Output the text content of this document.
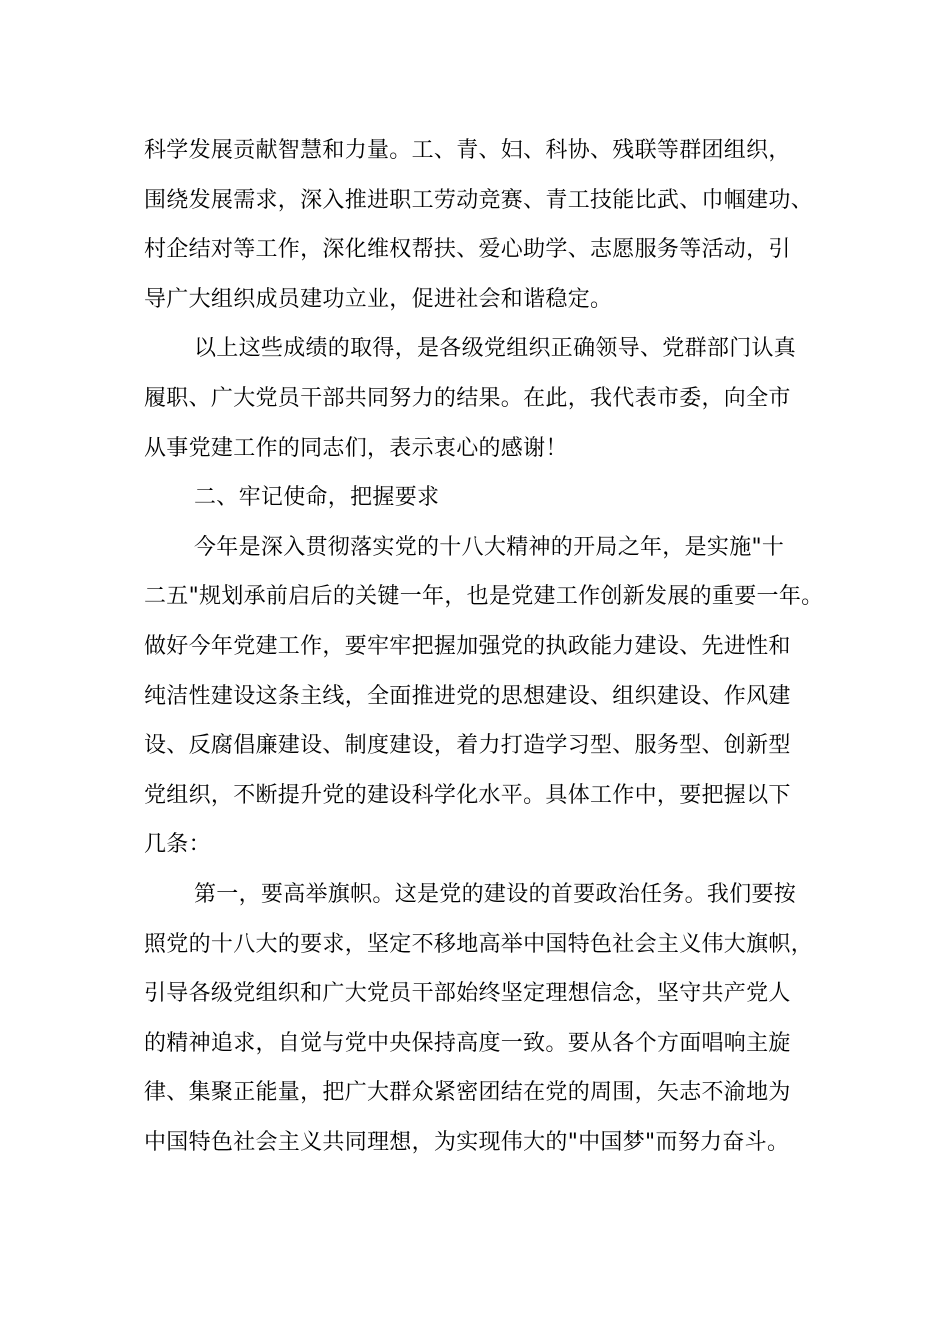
科学发展贡献智慧和力量。工、青、妇、科协、残联等群团组织，
围绕发展需求，深入推进职工劳动竞赛、青工技能比武、巾帼建功、
村企结对等工作，深化维权帮扶、爱心助学、志愿服务等活动，引
导广大组织成员建功立业，促进社会和谐稳定。
以上这些成绩的取得，是各级党组织正确领导、党群部门认真
履职、广大党员干部共同努力的结果。在此，我代表市委，向全市
从事党建工作的同志们，表示衷心的感谢！
二、牢记使命，把握要求
今年是深入贯彻落实党的十八大精神的开局之年，是实施"十
二五"规划承前启后的关键一年，也是党建工作创新发展的重要一年。
做好今年党建工作，要牢牢把握加强党的执政能力建设、先进性和
纯洁性建设这条主线，全面推进党的思想建设、组织建设、作风建
设、反腐倡廉建设、制度建设，着力打造学习型、服务型、创新型
党组织，不断提升党的建设科学化水平。具体工作中，要把握以下
几条：
第一，要高举旗帜。这是党的建设的首要政治任务。我们要按
照党的十八大的要求，坚定不移地高举中国特色社会主义伟大旗帜，
引导各级党组织和广大党员干部始终坚定理想信念，坚守共产党人
的精神追求，自觉与党中央保持高度一致。要从各个方面唱响主旋
律、集聚正能量，把广大群众紧密团结在党的周围，矢志不渝地为
中国特色社会主义共同理想，为实现伟大的"中国梦"而努力奋斗。
